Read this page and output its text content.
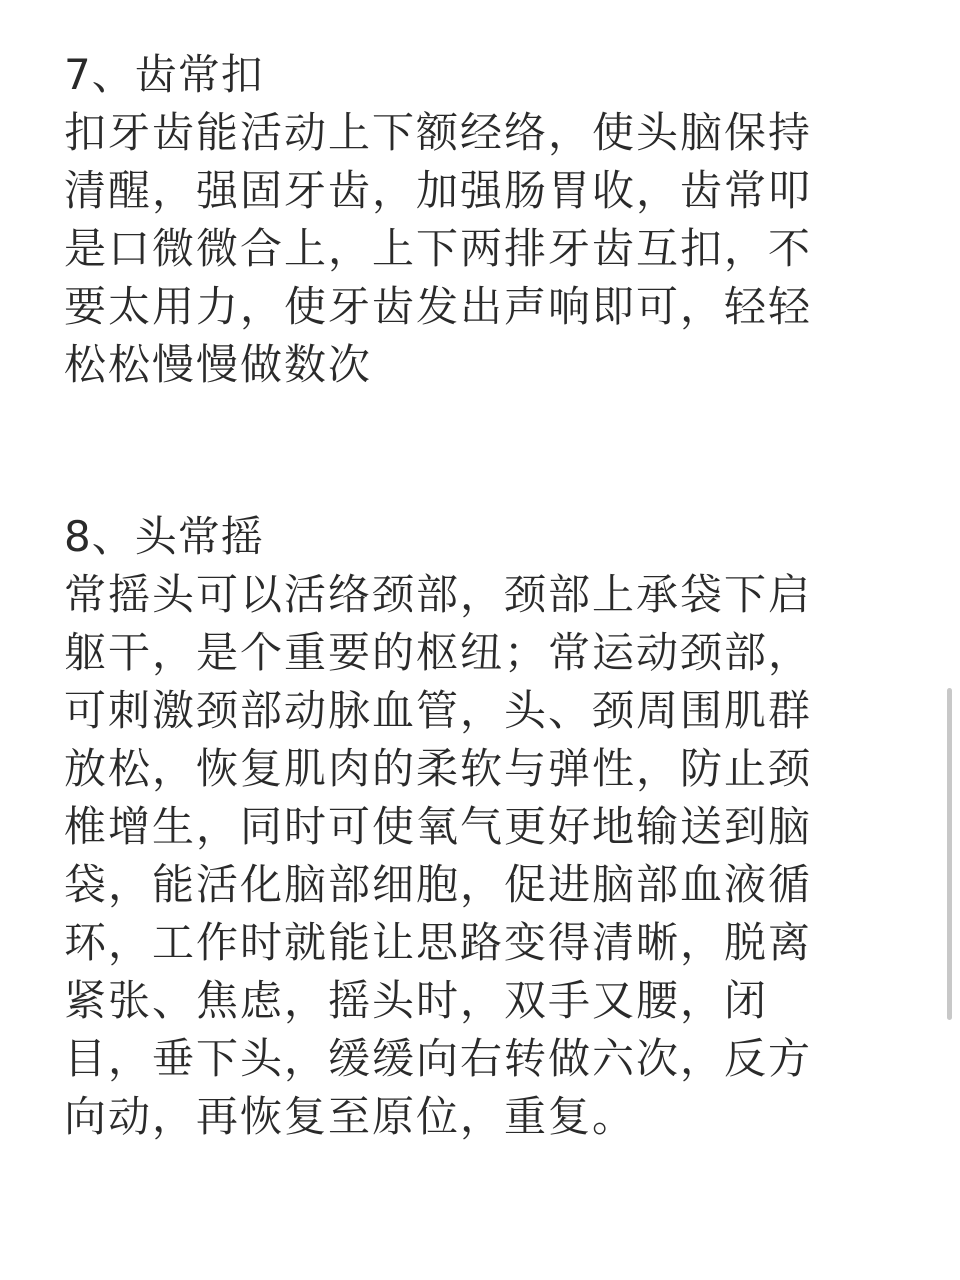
7、齿常扣
扣牙齿能活动上下额经络，使头脑保持
清醒，强固牙齿，加强肠胃收，齿常叩
是口微微合上，上下两排牙齿互扣，不
要太用力，使牙齿发出声响即可，轻轻
松松慢慢做数次
8、头常摇
常摇头可以活络颈部，颈部上承袋下启
躯干，是个重要的枢纽；常运动颈部，
可刺激颈部动脉血管，头、颈周围肌群
放松，恢复肌肉的柔软与弹性，防止颈
椎增生，同时可使氧气更好地输送到脑
袋，能活化脑部细胞，促进脑部血液循
环，工作时就能让思路变得清晰，脱离
紧张、焦虑，摇头时，双手又腰，闭
目，垂下头，缓缓向右转做六次，反方
向动，再恢复至原位，重复。
